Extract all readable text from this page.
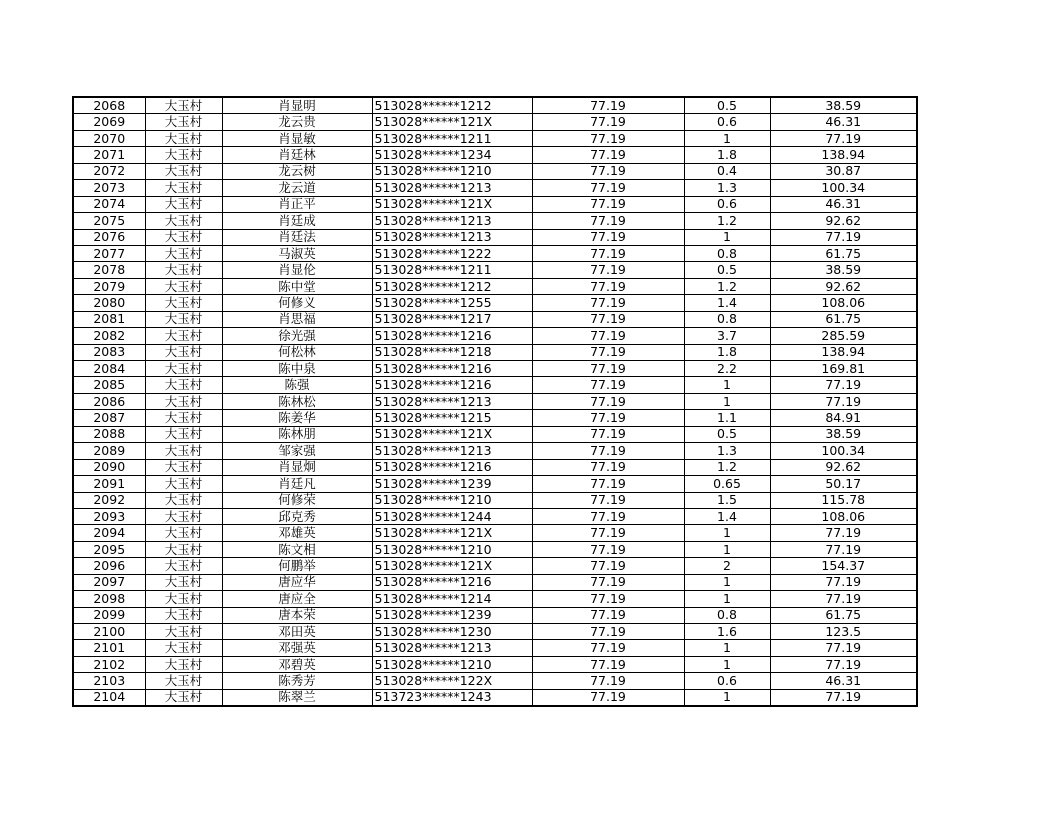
2068	大玉村	肖显明	513028******1212	77.19	0.5	38.59
2069	大玉村	龙云贵	513028******121X	77.19	0.6	46.31
2070	大玉村	肖显敏	513028******1211	77.19	1	77.19
2071	大玉村	肖廷林	513028******1234	77.19	1.8	138.94
2072	大玉村	龙云树	513028******1210	77.19	0.4	30.87
2073	大玉村	龙云道	513028******1213	77.19	1.3	100.34
2074	大玉村	肖正平	513028******121X	77.19	0.6	46.31
2075	大玉村	肖廷成	513028******1213	77.19	1.2	92.62
2076	大玉村	肖廷法	513028******1213	77.19	1	77.19
2077	大玉村	马淑英	513028******1222	77.19	0.8	61.75
2078	大玉村	肖显伦	513028******1211	77.19	0.5	38.59
2079	大玉村	陈中堂	513028******1212	77.19	1.2	92.62
2080	大玉村	何修义	513028******1255	77.19	1.4	108.06
2081	大玉村	肖思福	513028******1217	77.19	0.8	61.75
2082	大玉村	徐光强	513028******1216	77.19	3.7	285.59
2083	大玉村	何松林	513028******1218	77.19	1.8	138.94
2084	大玉村	陈中泉	513028******1216	77.19	2.2	169.81
2085	大玉村	陈强	513028******1216	77.19	1	77.19
2086	大玉村	陈林松	513028******1213	77.19	1	77.19
2087	大玉村	陈姜华	513028******1215	77.19	1.1	84.91
2088	大玉村	陈林朋	513028******121X	77.19	0.5	38.59
2089	大玉村	邹家强	513028******1213	77.19	1.3	100.34
2090	大玉村	肖显炯	513028******1216	77.19	1.2	92.62
2091	大玉村	肖廷凡	513028******1239	77.19	0.65	50.17
2092	大玉村	何修荣	513028******1210	77.19	1.5	115.78
2093	大玉村	邱克秀	513028******1244	77.19	1.4	108.06
2094	大玉村	邓雄英	513028******121X	77.19	1	77.19
2095	大玉村	陈文相	513028******1210	77.19	1	77.19
2096	大玉村	何鹏举	513028******121X	77.19	2	154.37
2097	大玉村	唐应华	513028******1216	77.19	1	77.19
2098	大玉村	唐应全	513028******1214	77.19	1	77.19
2099	大玉村	唐本荣	513028******1239	77.19	0.8	61.75
2100	大玉村	邓田英	513028******1230	77.19	1.6	123.5
2101	大玉村	邓强英	513028******1213	77.19	1	77.19
2102	大玉村	邓碧英	513028******1210	77.19	1	77.19
2103	大玉村	陈秀芳	513028******122X	77.19	0.6	46.31
2104	大玉村	陈翠兰	513723******1243	77.19	1	77.19
